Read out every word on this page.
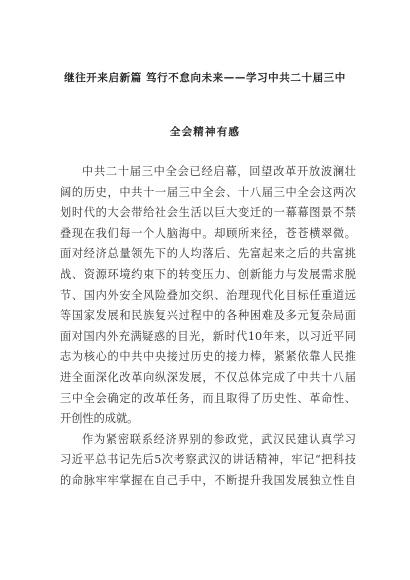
继往开来启新篇 笃行不怠向未来——学习中共二十届三中
全会精神有感
中共二十届三中全会已经启幕，回望改革开放波澜壮
阔的历史，中共十一届三中全会、十八届三中全会这两次
划时代的大会带给社会生活以巨大变迁的一幕幕图景不禁
叠现在我们每一个人脑海中。却顾所来径，苍苍横翠微。
面对经济总量领先下的人均落后、先富起来之后的共富挑
战、资源环境约束下的转变压力、创新能力与发展需求脱
节、国内外安全风险叠加交织、治理现代化目标任重道远
等国家发展和民族复兴过程中的各种困难及多元复杂局面
面对国内外充满疑惑的目光，新时代10年来，以习近平同
志为核心的中共中央接过历史的接力棒，紧紧依靠人民推
进全面深化改革向纵深发展，不仅总体完成了中共十八届
三中全会确定的改革任务，而且取得了历史性、革命性、
开创性的成就。
作为紧密联系经济界别的参政党，武汉民建认真学习
习近平总书记先后5次考察武汉的讲话精神，牢记“把科技
的命脉牢牢掌握在自己手中，不断提升我国发展独立性自
